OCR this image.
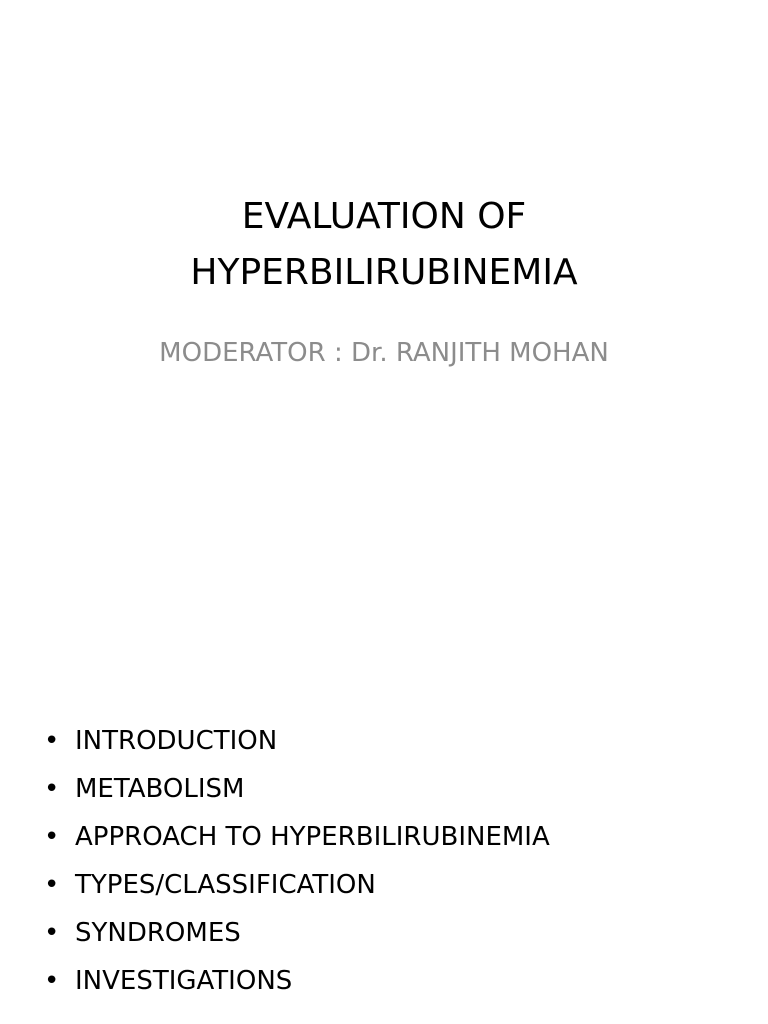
EVALUATION OF
HYPERBILIRUBINEMIA

MODERATOR : Dr. RANJITH MOHAN

• INTRODUCTION
• METABOLISM
• APPROACH TO HYPERBILIRUBINEMIA
• TYPES/CLASSIFICATION
• SYNDROMES
• INVESTIGATIONS
